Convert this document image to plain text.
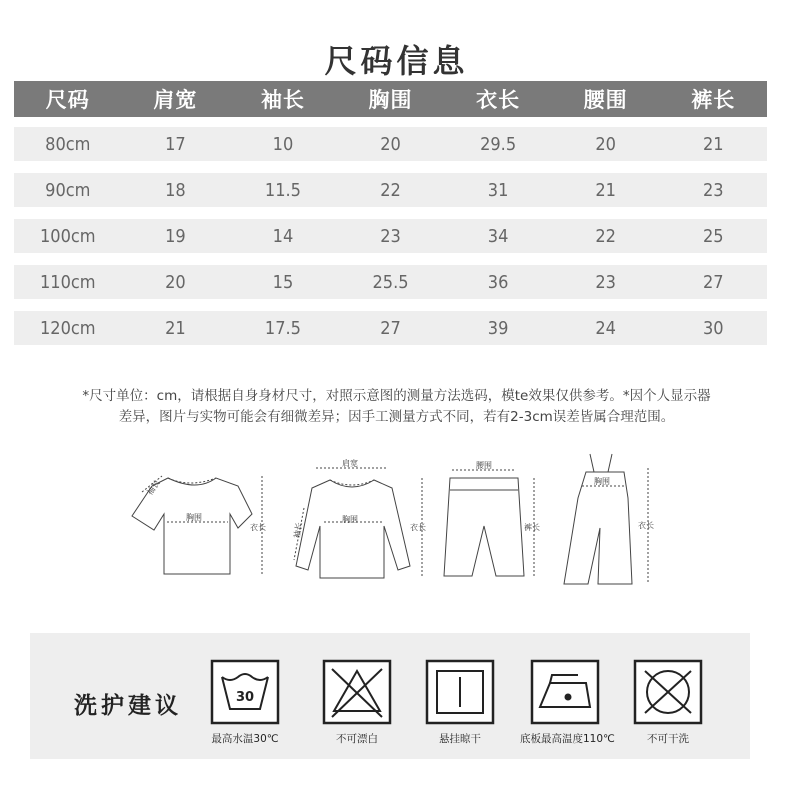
尺码信息
尺码	肩宽	袖长	胸围	衣长	腰围	裤长
80cm	17	10	20	29.5	20	21
90cm	18	11.5	22	31	21	23
100cm	19	14	23	34	22	25
110cm	20	15	25.5	36	23	27
120cm	21	17.5	27	39	24	30
*尺寸单位：cm，请根据自身身材尺寸，对照示意图的测量方法选码，模te效果仅供参考。*因个人显示器
差异，图片与实物可能会有细微差异；因手工测量方式不同，若有2-3cm误差皆属合理范围。
袖长
胸围
衣长
肩宽
袖长
胸围
衣长
腰围
裤长
胸围
衣长
洗护建议	30
最高水温30℃	不可漂白	悬挂晾干	底板最高温度110℃	不可干洗
